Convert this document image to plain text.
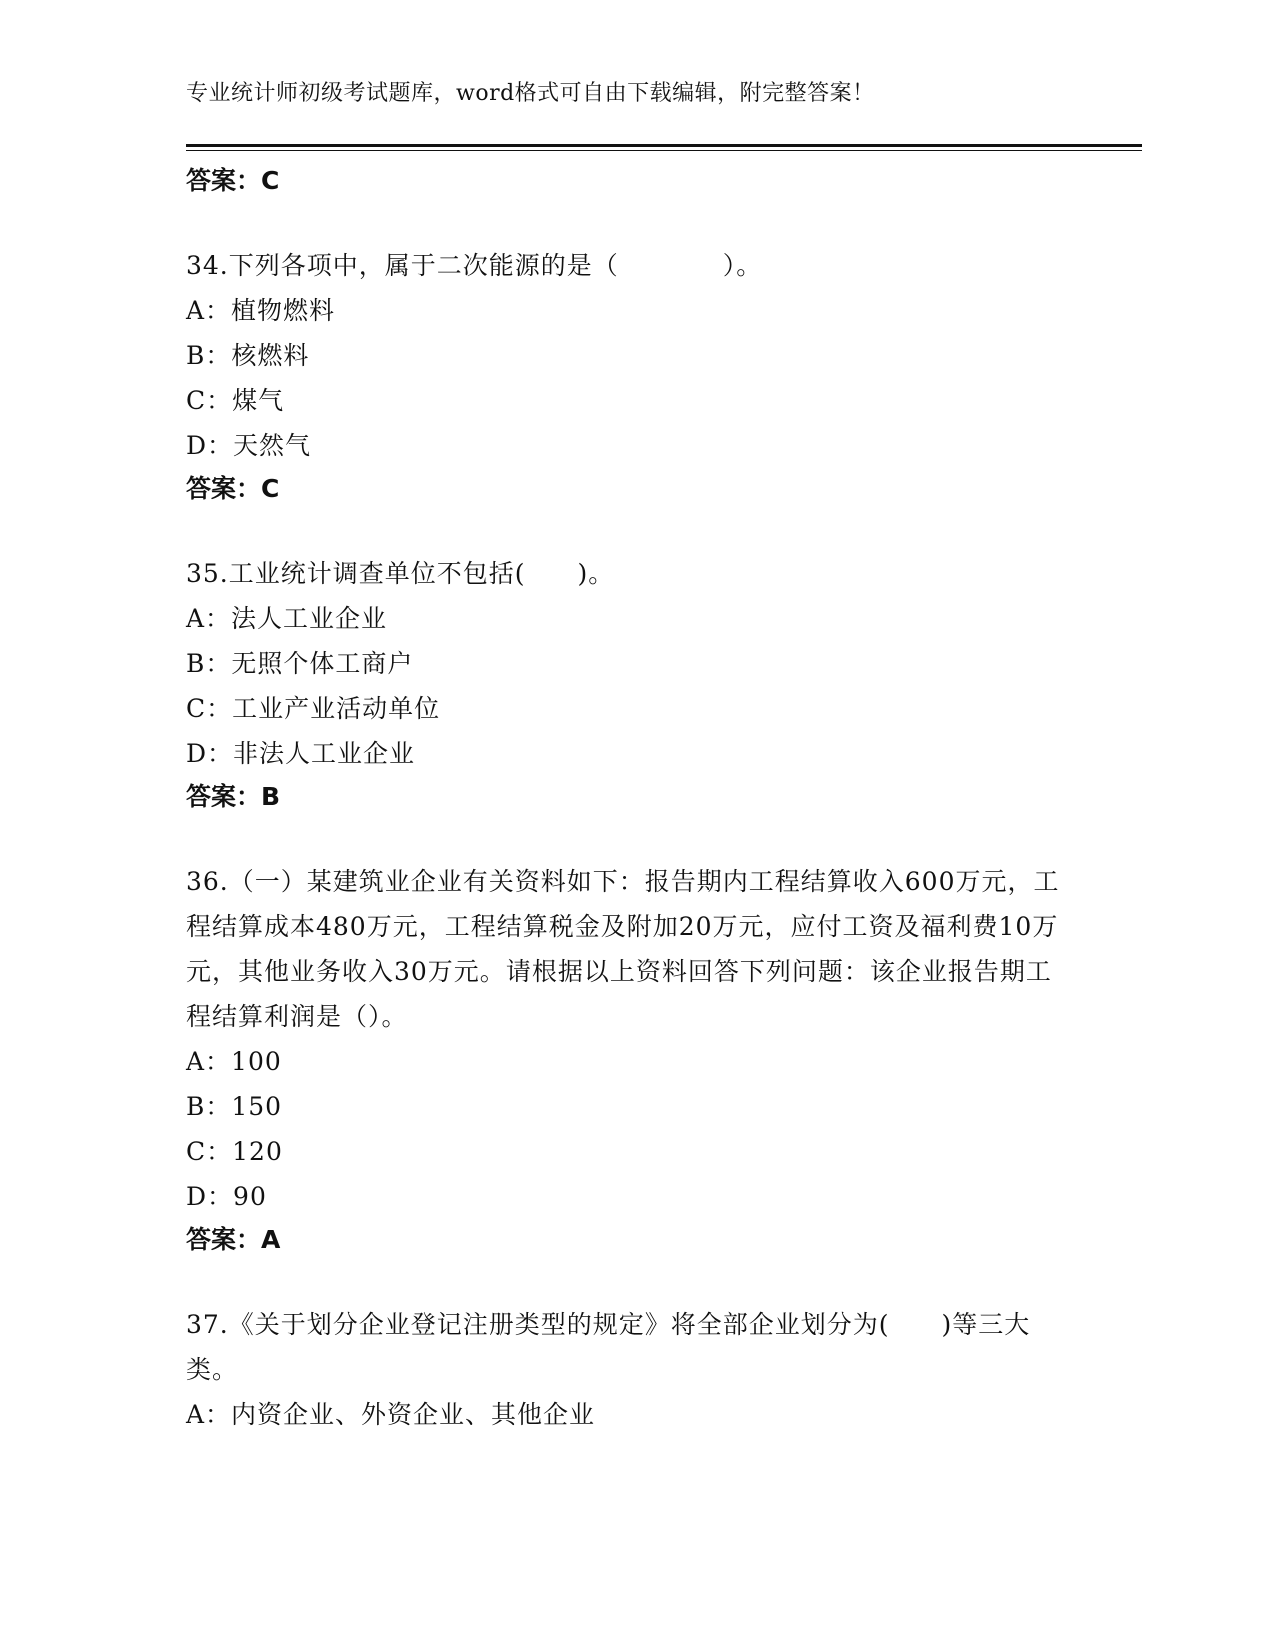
专业统计师初级考试题库，word格式可自由下载编辑，附完整答案！
答案：C
34.下列各项中，属于二次能源的是（　　　　）。
A：植物燃料
B：核燃料
C：煤气
D：天然气
答案：C
35.工业统计调查单位不包括(　　)。
A：法人工业企业
B：无照个体工商户
C：工业产业活动单位
D：非法人工业企业
答案：B
36.（一）某建筑业企业有关资料如下：报告期内工程结算收入600万元，工程结算成本480万元，工程结算税金及附加20万元，应付工资及福利费10万元，其他业务收入30万元。请根据以上资料回答下列问题：该企业报告期工程结算利润是（）。
A：100
B：150
C：120
D：90
答案：A
37.《关于划分企业登记注册类型的规定》将全部企业划分为(　　)等三大类。
A：内资企业、外资企业、其他企业
